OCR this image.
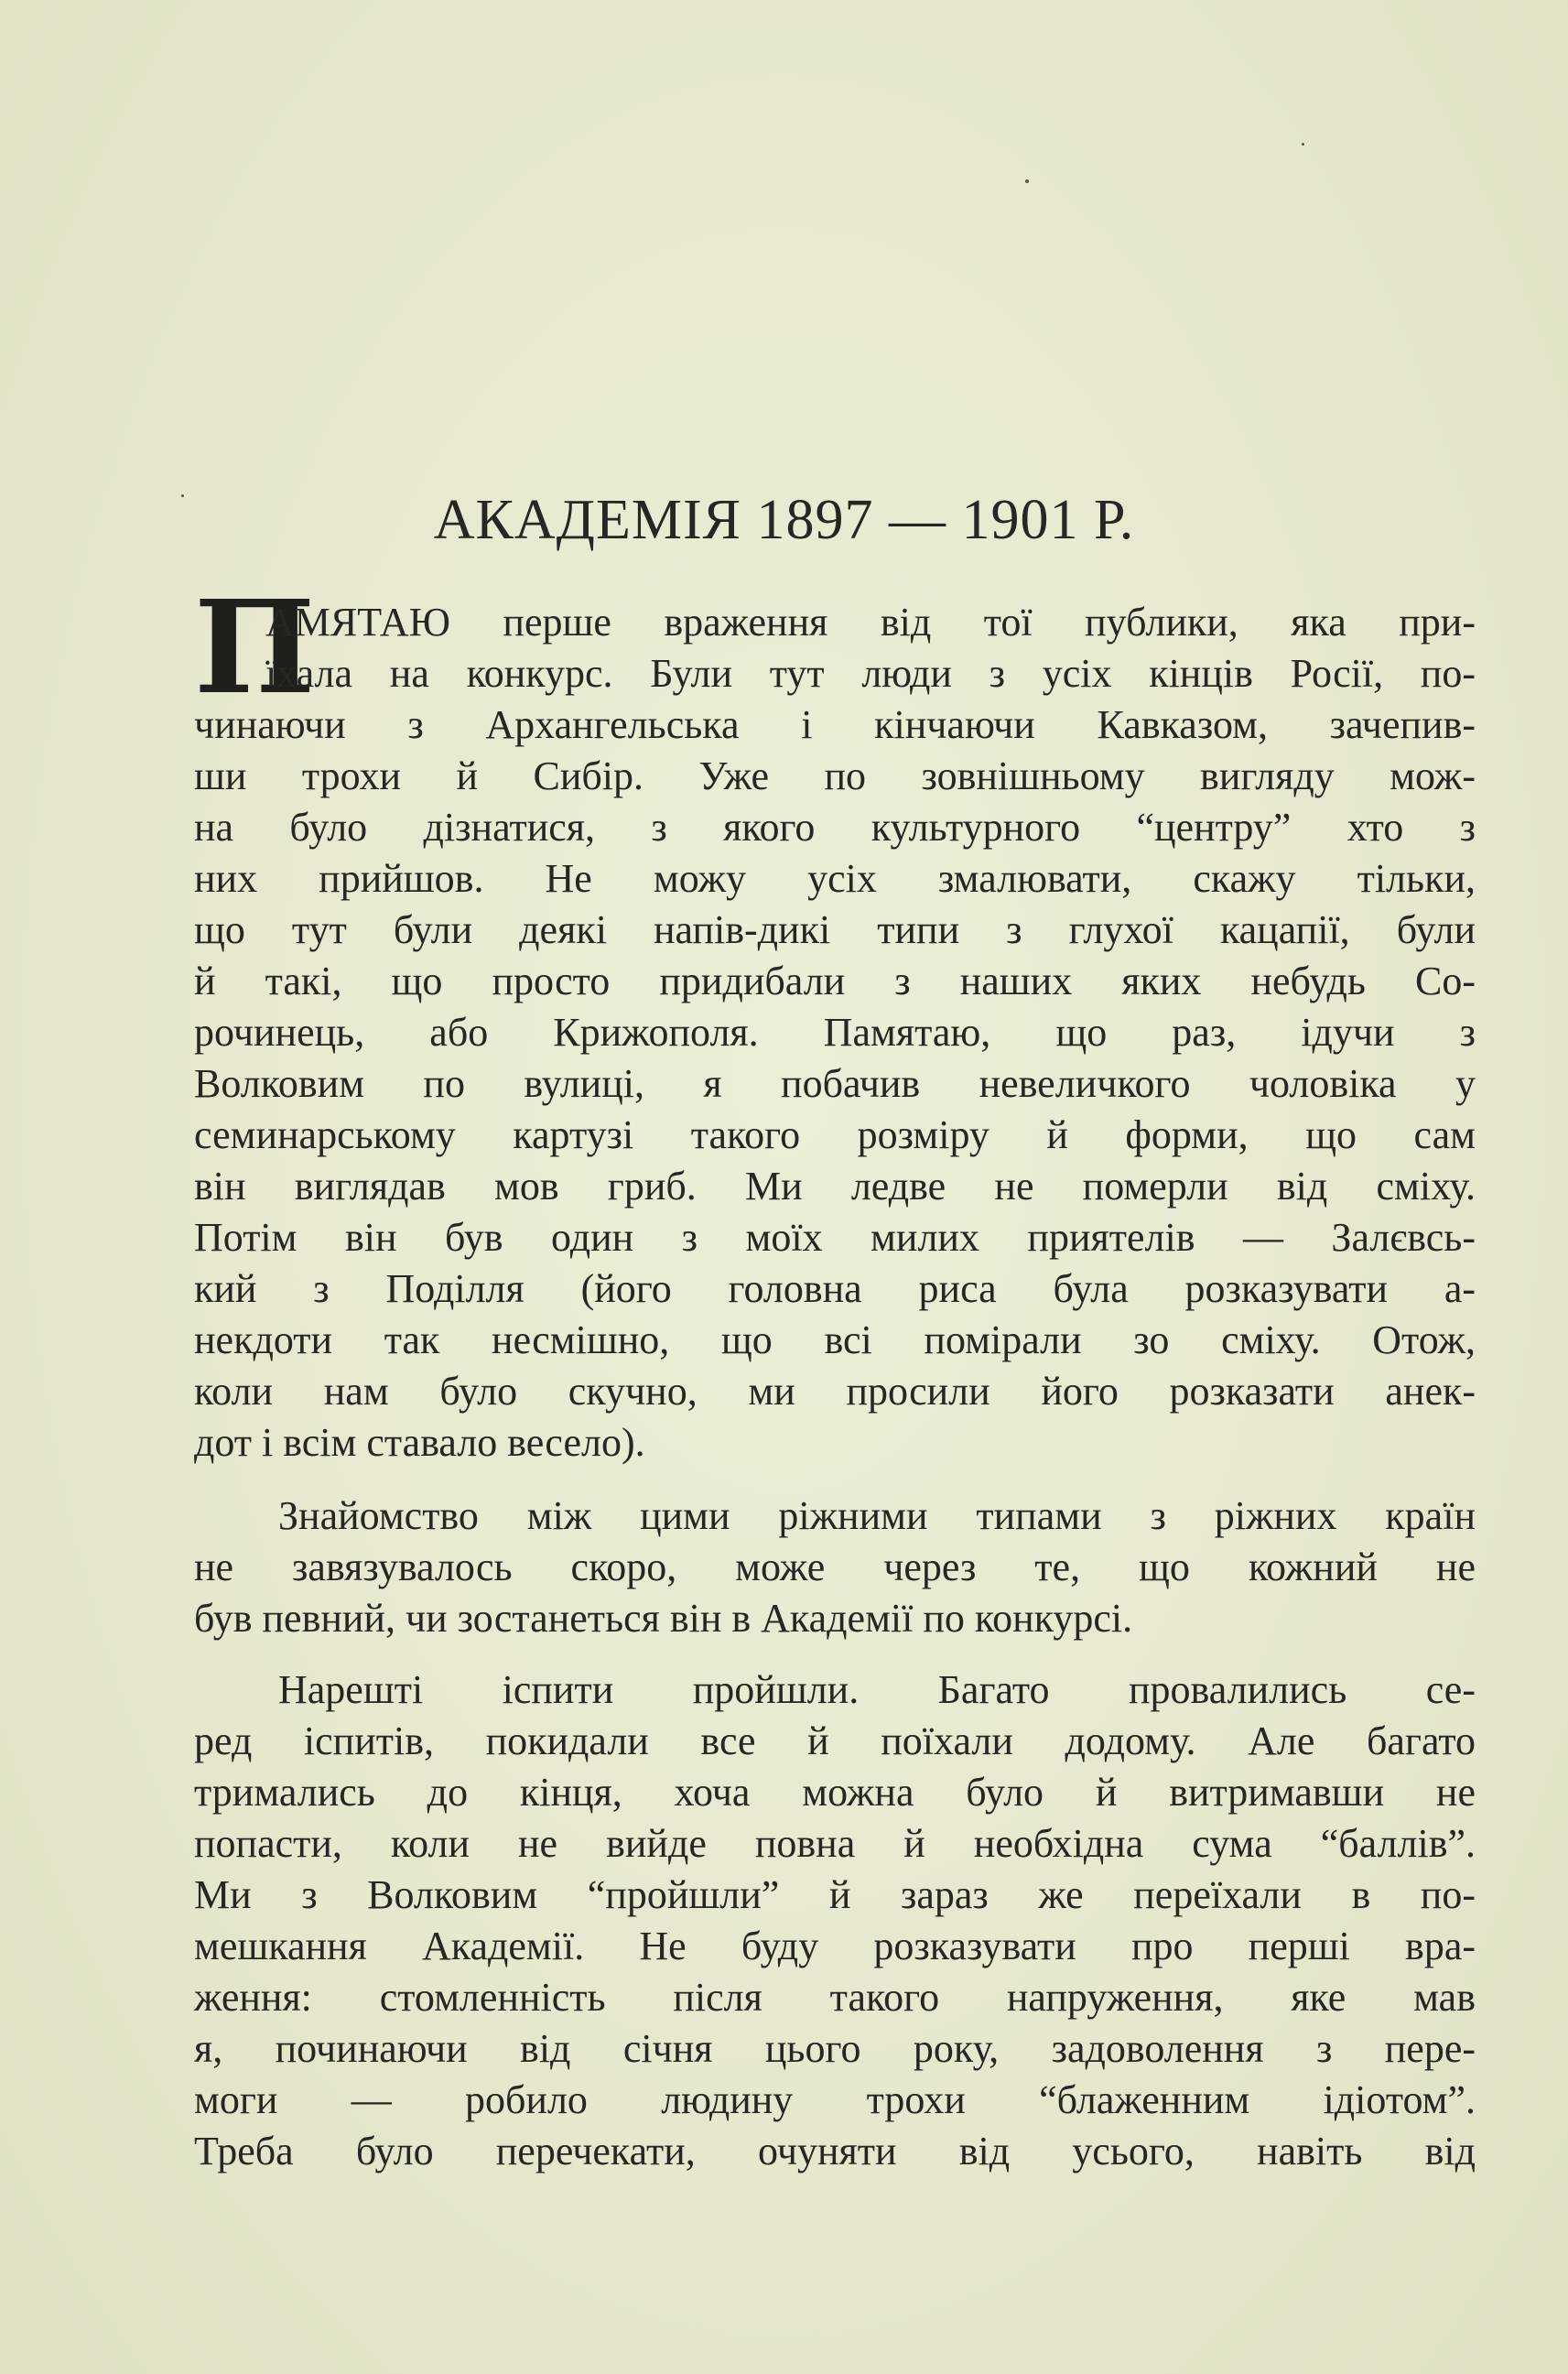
АКАДЕМІЯ 1897 — 1901 Р.
П
АМЯТАЮ перше враження від тої публики, яка при-
їхала на конкурс. Були тут люди з усіх кінців Росії, по-
чинаючи з Архангельська і кінчаючи Кавказом, зачепив-
ши трохи й Сибір. Уже по зовнішньому вигляду мож-
на було дізнатися, з якого культурного “центру” хто з
них прийшов. Не можу усіх змалювати, скажу тільки,
що тут були деякі напів-дикі типи з глухої кацапії, були
й такі, що просто придибали з наших яких небудь Со-
рочинець, або Крижополя. Памятаю, що раз, ідучи з
Волковим по вулиці, я побачив невеличкого чоловіка у
семинарському картузі такого розміру й форми, що сам
він виглядав мов гриб. Ми ледве не померли від сміху.
Потім він був один з моїх милих приятелів — Залєвсь-
кий з Поділля (його головна риса була розказувати а-
некдоти так несмішно, що всі помірали зо сміху. Отож,
коли нам було скучно, ми просили його розказати анек-
дот і всім ставало весело).
Знайомство між цими ріжними типами з ріжних країн
не завязувалось скоро, може через те, що кожний не
був певний, чи зостанеться він в Академії по конкурсі.
Нарешті іспити пройшли. Багато провалились се-
ред іспитів, покидали все й поїхали додому. Але багато
тримались до кінця, хоча можна було й витримавши не
попасти, коли не вийде повна й необхідна сума “баллів”.
Ми з Волковим “пройшли” й зараз же переїхали в по-
мешкання Академії. Не буду розказувати про перші вра-
ження: стомленність після такого напруження, яке мав
я, починаючи від січня цього року, задоволення з пере-
моги — робило людину трохи “блаженним ідіотом”.
Треба було перечекати, очуняти від усього, навіть від
